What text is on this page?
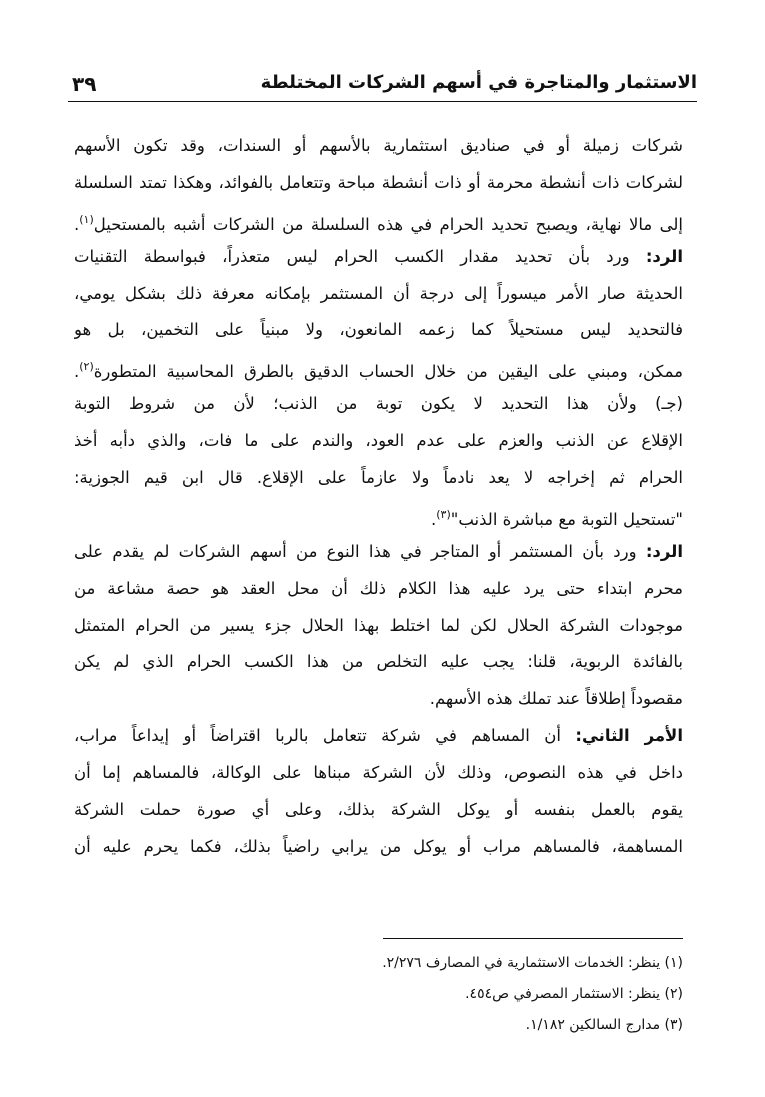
الاستثمار والمتاجرة في أسهم الشركات المختلطة
٣٩
شركات زميلة أو في صناديق استثمارية بالأسهم أو السندات، وقد تكون الأسهم
لشركات ذات أنشطة محرمة أو ذات أنشطة مباحة وتتعامل بالفوائد، وهكذا تمتد السلسلة
إلى مالا نهاية، ويصبح تحديد الحرام في هذه السلسلة من الشركات أشبه بالمستحيل$^{(١)}$.
الرد: ورد بأن تحديد مقدار الكسب الحرام ليس متعذراً، فبواسطة التقنيات
الحديثة صار الأمر ميسوراً إلى درجة أن المستثمر بإمكانه معرفة ذلك بشكل يومي،
فالتحديد ليس مستحيلاً كما زعمه المانعون، ولا مبنياً على التخمين، بل هو
ممكن، ومبني على اليقين من خلال الحساب الدقيق بالطرق المحاسبية المتطورة$^{(٢)}$.
(جـ) ولأن هذا التحديد لا يكون توبة من الذنب؛ لأن من شروط التوبة
الإقلاع عن الذنب والعزم على عدم العود، والندم على ما فات، والذي دأبه أخذ
الحرام ثم إخراجه لا يعد نادماً ولا عازماً على الإقلاع. قال ابن قيم الجوزية:
"تستحيل التوبة مع مباشرة الذنب"$^{(٣)}$.
الرد: ورد بأن المستثمر أو المتاجر في هذا النوع من أسهم الشركات لم يقدم على
محرم ابتداء حتى يرد عليه هذا الكلام ذلك أن محل العقد هو حصة مشاعة من
موجودات الشركة الحلال لكن لما اختلط بهذا الحلال جزء يسير من الحرام المتمثل
بالفائدة الربوية، قلنا: يجب عليه التخلص من هذا الكسب الحرام الذي لم يكن
مقصوداً إطلاقاً عند تملك هذه الأسهم.
الأمر الثاني: أن المساهم في شركة تتعامل بالربا اقتراضاً أو إيداعاً مراب،
داخل في هذه النصوص، وذلك لأن الشركة مبناها على الوكالة، فالمساهم إما أن
يقوم بالعمل بنفسه أو يوكل الشركة بذلك، وعلى أي صورة حملت الشركة
المساهمة، فالمساهم مراب أو يوكل من يرابي راضياً بذلك، فكما يحرم عليه أن
(١) ينظر: الخدمات الاستثمارية في المصارف ٢/٢٧٦.
(٢) ينظر: الاستثمار المصرفي ص٤٥٤.
(٣) مدارج السالكين ١/١٨٢.
